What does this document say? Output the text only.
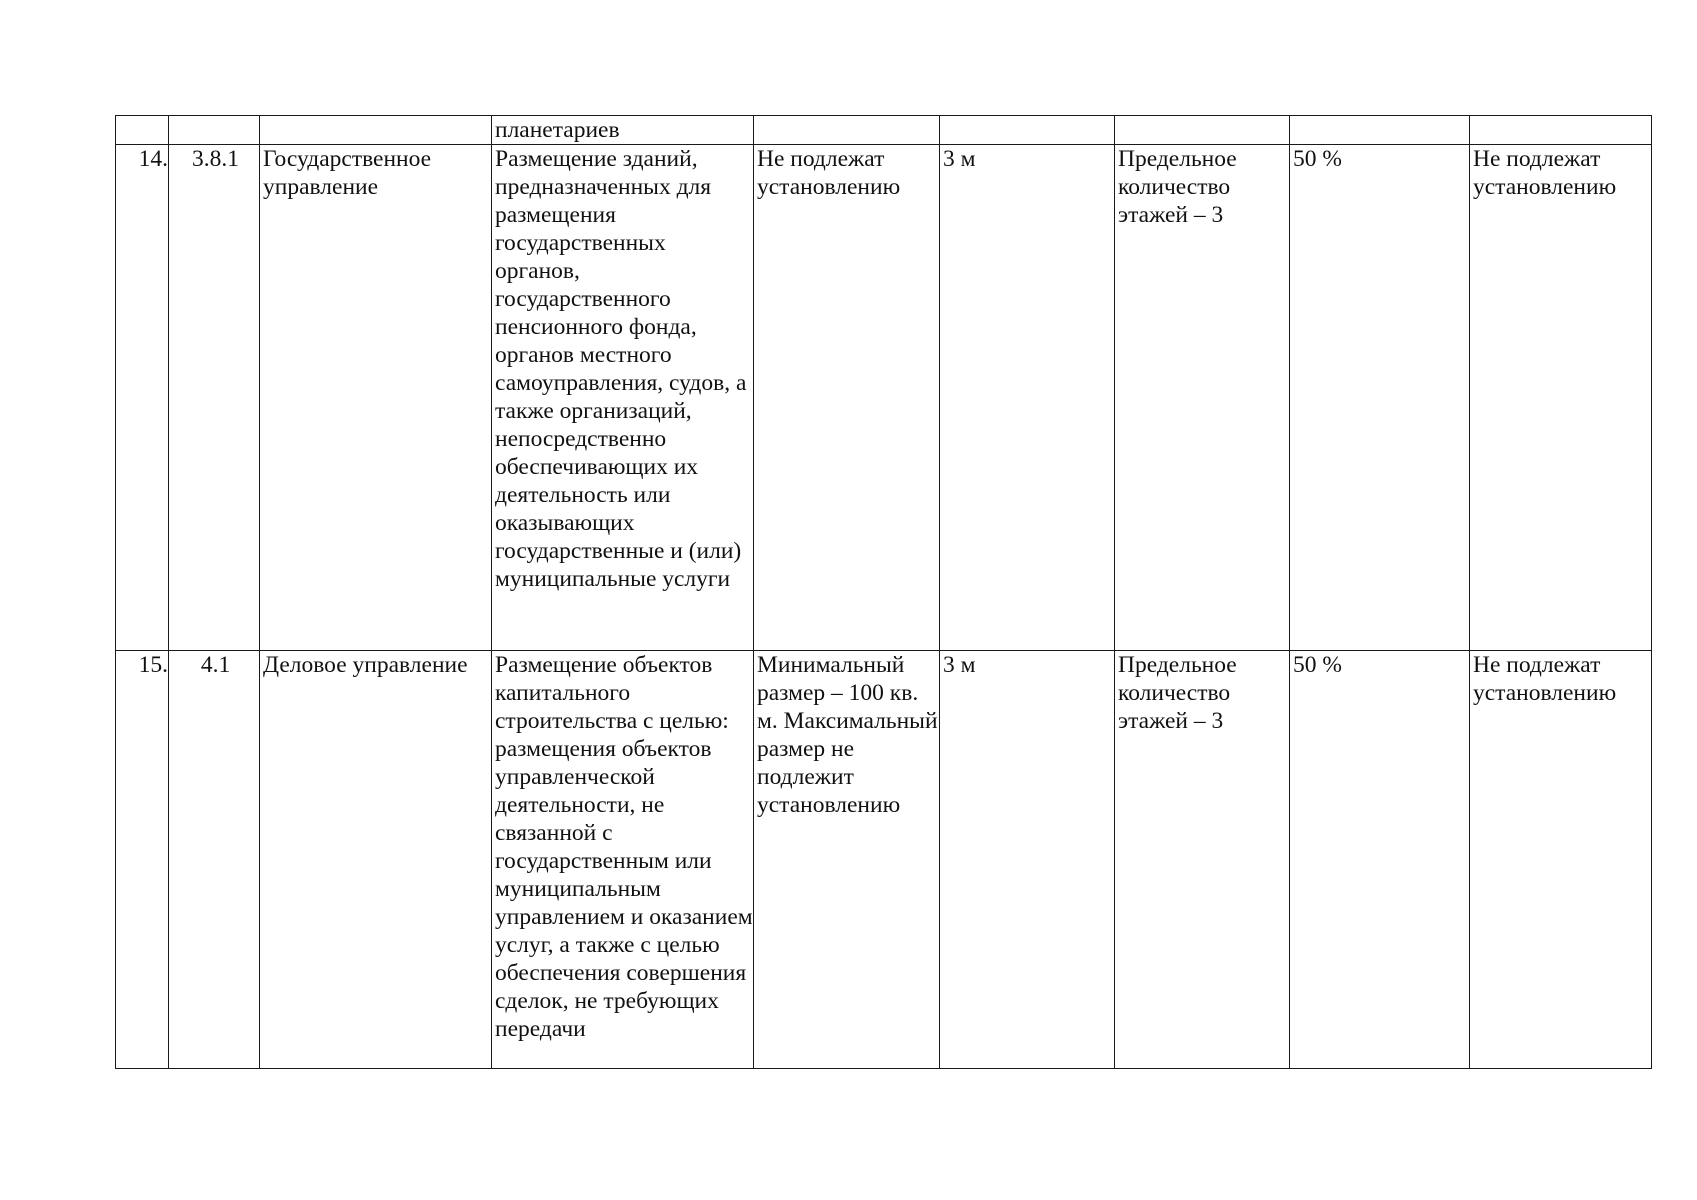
			планетариев					
14.	3.8.1	Государственное управление	Размещение зданий, предназначенных для размещения государственных органов, государственного пенсионного фонда, органов местного самоуправления, судов, а также организаций, непосредственно обеспечивающих их деятельность или оказывающих государственные и (или) муниципальные услуги	Не подлежат установлению	3 м	Предельное количество этажей – 3	50 %	Не подлежат установлению
15.	4.1	Деловое управление	Размещение объектов капитального строительства с целью: размещения объектов управленческой деятельности, не связанной с государственным или муниципальным управлением и оказанием услуг, а также с целью обеспечения совершения сделок, не требующих передачи	Минимальный размер – 100 кв. м. Максимальный размер не подлежит установлению	3 м	Предельное количество этажей – 3	50 %	Не подлежат установлению
